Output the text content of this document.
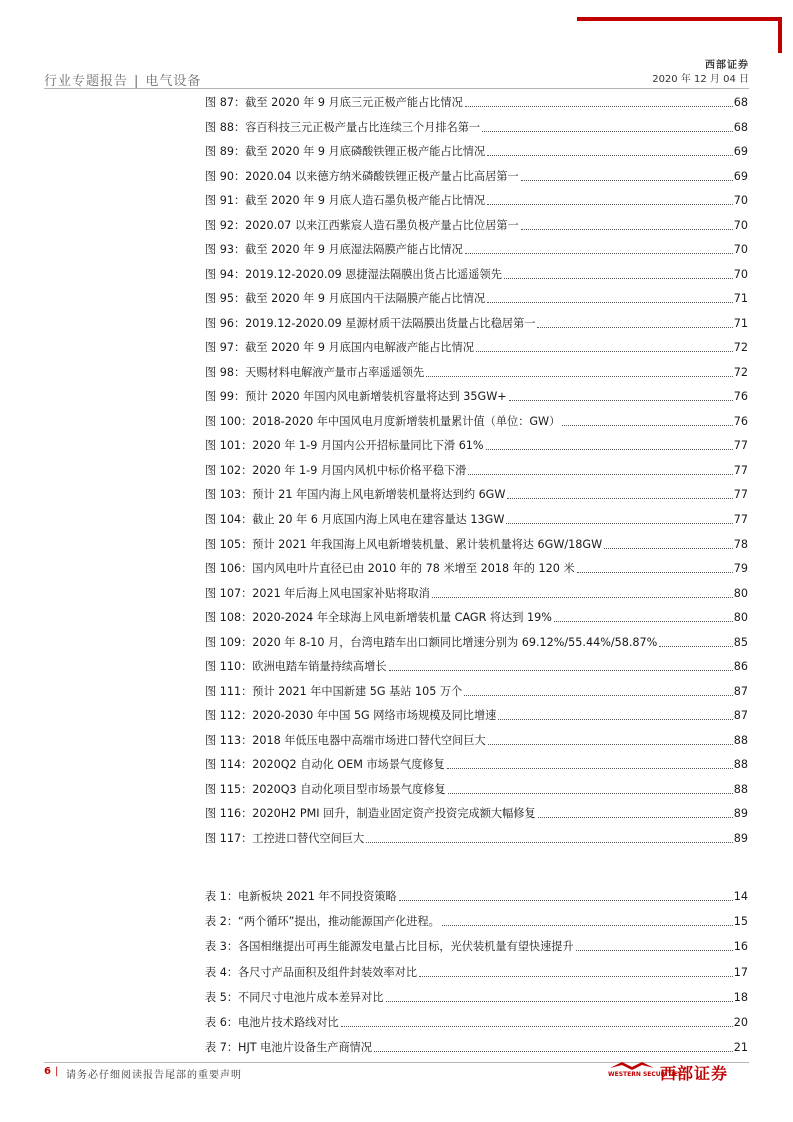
西部证券
2020 年 12 月 04 日
行业专题报告 | 电气设备
图 87：截至 2020 年 9 月底三元正极产能占比情况	68
图 88：容百科技三元正极产量占比连续三个月排名第一	68
图 89：截至 2020 年 9 月底磷酸铁锂正极产能占比情况	69
图 90：2020.04 以来德方纳米磷酸铁锂正极产量占比高居第一	69
图 91：截至 2020 年 9 月底人造石墨负极产能占比情况	70
图 92：2020.07 以来江西紫宸人造石墨负极产量占比位居第一	70
图 93：截至 2020 年 9 月底湿法隔膜产能占比情况	70
图 94：2019.12-2020.09 恩捷湿法隔膜出货占比遥遥领先	70
图 95：截至 2020 年 9 月底国内干法隔膜产能占比情况	71
图 96：2019.12-2020.09 星源材质干法隔膜出货量占比稳居第一	71
图 97：截至 2020 年 9 月底国内电解液产能占比情况	72
图 98：天赐材料电解液产量市占率遥遥领先	72
图 99：预计 2020 年国内风电新增装机容量将达到 35GW+	76
图 100：2018-2020 年中国风电月度新增装机量累计值（单位：GW）	76
图 101：2020 年 1-9 月国内公开招标量同比下滑 61%	77
图 102：2020 年 1-9 月国内风机中标价格平稳下滑	77
图 103：预计 21 年国内海上风电新增装机量将达到约 6GW	77
图 104：截止 20 年 6 月底国内海上风电在建容量达 13GW	77
图 105：预计 2021 年我国海上风电新增装机量、累计装机量将达 6GW/18GW	78
图 106：国内风电叶片直径已由 2010 年的 78 米增至 2018 年的 120 米	79
图 107：2021 年后海上风电国家补贴将取消	80
图 108：2020-2024 年全球海上风电新增装机量 CAGR 将达到 19%	80
图 109：2020 年 8-10 月，台湾电踏车出口额同比增速分别为 69.12%/55.44%/58.87%	85
图 110：欧洲电踏车销量持续高增长	86
图 111：预计 2021 年中国新建 5G 基站 105 万个	87
图 112：2020-2030 年中国 5G 网络市场规模及同比增速	87
图 113：2018 年低压电器中高端市场进口替代空间巨大	88
图 114：2020Q2 自动化 OEM 市场景气度修复	88
图 115：2020Q3 自动化项目型市场景气度修复	88
图 116：2020H2 PMI 回升，制造业固定资产投资完成额大幅修复	89
图 117：工控进口替代空间巨大	89
表 1：电新板块 2021 年不同投资策略	14
表 2：“两个循环”提出，推动能源国产化进程。	15
表 3：各国相继提出可再生能源发电量占比目标，光伏装机量有望快速提升	16
表 4：各尺寸产品面积及组件封装效率对比	17
表 5：不同尺寸电池片成本差异对比	18
表 6：电池片技术路线对比	20
表 7：HJT 电池片设备生产商情况	21
6 | 请务必仔细阅读报告尾部的重要声明	WESTERN SECURITIES
西部证券
